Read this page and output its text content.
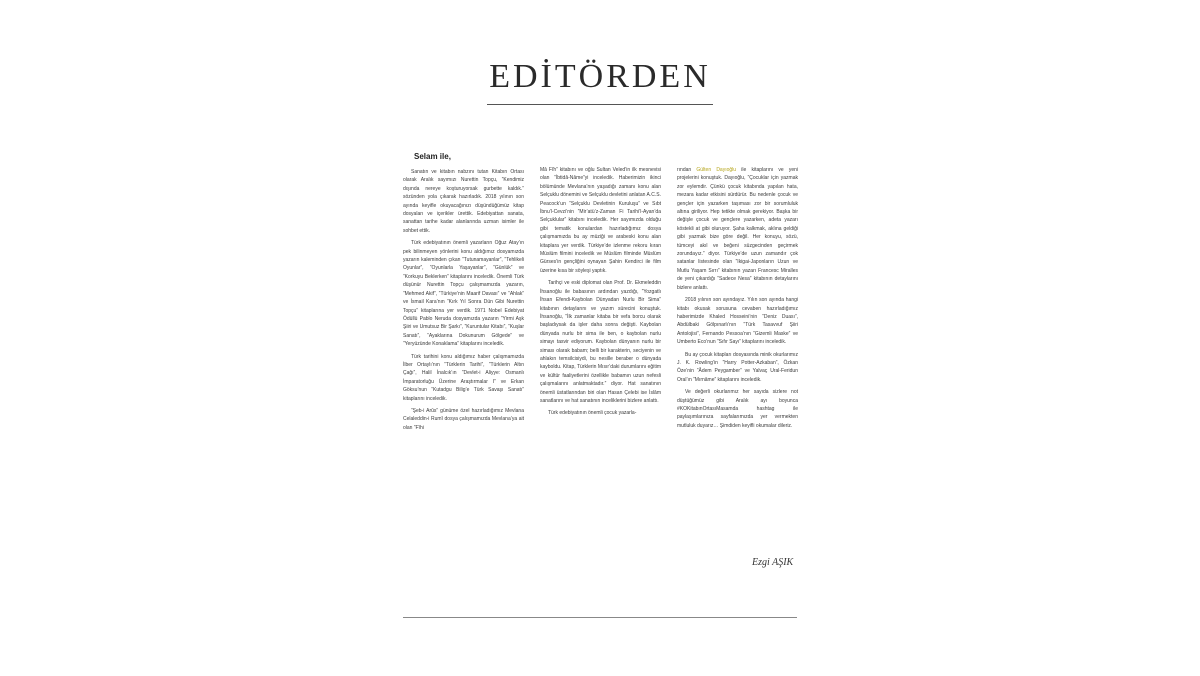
EDİTÖRDEN
Selam ile,

Sanatın ve kitabın nabzını tutan Kitabın Ortası olarak Aralık sayımızı Nurettin Topçu, “Kendimiz dışında nereye koşturuyorsak gurbette kaldık.” sözünden yola çıkarak hazırladık. 2018 yılının son ayında keyifle okuyacağınızı düşündüğümüz kitap dosyaları ve içerikler ürettik. Edebiyattan sanata, sanattan tarihe kadar alanlarında uzman isimler ile sohbet ettik.

Türk edebiyatının önemli yazarların Oğuz Atay’ın pek bilinmeyen yönlerini konu aldığımız dosyamızda yazarın kaleminden çıkan “Tutunamayanlar”, “Tehlikeli Oyunlar”, “Oyunlarla Yaşayanlar”, “Günlük” ve “Korkuyu Beklerken” kitaplarını inceledik. Önemli Türk düşünür Nurettin Topçu çalışmamızda yazarın, “Mehmed Akif”, “Türkiye’nin Maarif Davası” ve “Ahlak” ve İsmail Kara’nın “Kırk Yıl Sonra Dün Gibi Nurettin Topçu” kitaplarına yer verdik. 1971 Nobel Edebiyat Ödüllü Pablo Neruda dosyamızda yazarın “Yirmi Aşk Şiiri ve Umutsuz Bir Şarkı”, “Kuruntular Kitabı”, “Kuşlar Sanatı”, “Ayaklarına Dokunurum Gölgede” ve “Yeryüzünde Konaklama” kitaplarını inceledik.

Türk tarihini konu aldığımız haber çalışmamızda İlber Ortaylı’nın “Türklerin Tarihi”, “Türklerin Altın Çağı”, Halil İnalcık’ın “Devlet-i Aliyye: Osmanlı İmparatorluğu Üzerine Araştırmalar I” ve Erkan Göksu’nun “Kutadgu Bilig’e Türk Savaşı Sanatı” kitaplarını inceledik.

“Şeb-i Arûs” günüme özel hazırladığımız Mevlana Celaleddin-i Rumî dosya çalışmamızda Mevlana’ya ait olan “Fîhi

Mâ Fîh” kitabını ve oğlu Sultan Veled’in ilk mesnevisi olan “İbtidâ-Nâme”yi inceledik. Haberimizin ikinci bölümünde Mevlana’nın yaşadığı zamanı konu alan Selçuklu dönemini ve Selçuklu devletini anlatan A.C.S. Peacock’un “Selçuklu Devletinin Kuruluşu” ve Sıbt İbnu’l-Cevzi’nin “Mir’atü’z-Zaman Fi Tarihi’l-Ayan’da Selçuklular” kitabını inceledik. Her sayımızda olduğu gibi tematik konulardan hazırladığımız dosya çalışmamızda bu ay müziği ve arabeski konu alan kitaplara yer verdik. Türkiye’de izlenme rekoru kıran Müslüm filmini inceledik ve Müslüm filminde Müslüm Gürses’in gençliğini oynayan Şahin Kendirci ile film üzerine kısa bir söyleşi yaptık.

Tarihçi ve eski diplomat olan Prof. Dr. Ekmeleddin İhsanoğlu ile babasının ardından yazdığı, “Yozgatlı İhsan Efendi-Kaybolan Dünyadan Nurlu Bir Sima” kitabının detaylarını ve yazım sürecini konuştuk. İhsanoğlu, “İlk zamanlar kitaba bir vefa borcu olarak başladıysak da işler daha sonra değişti. Kaybolan dünyada nurlu bir sima ile ben, o kaybolan nurlu simayı tasvir ediyorum. Kaybolan dünyanın nurlu bir siması olarak babam; belli bir karakterin, seciyenin ve ahlakın temsilcisiydi, bu nesille beraber o dünyada kayboldu. Kitap, Türklerin Mısır’daki durumlarını eğitim ve kültür faaliyetlerini özellikle babamın uzun nefesli çalışmalarını anlatmaktadır.” diyor. Hat sanatının önemli üstatlarından biri olan Hasan Çelebi ise İslâm sanatlarını ve hat sanatının inceliklerini bizlere anlattı.

Türk edebiyatının önemli çocuk yazarla-

rından Gülten Dayıoğlu ile kitaplarını ve yeni projelerini konuştuk. Dayıoğlu, “Çocuklar için yazmak zor eylemdir. Çünkü çocuk kitabında yapılan hata, mezara kadar etkisini sürdürür. Bu nedenle çocuk ve gençler için yazarken taşıması zor bir sorumluluk altına giriliyor. Hep tetikte olmak gerekiyor. Başka bir değişle çocuk ve gençlere yazarken, adeta yazarı köstekli at gibi oluruyor. Şaha kalkmak, aklına geldiği gibi yazmak bize göre değil. Her konuyu, sözü, tümceyi akıl ve beğeni süzgecinden geçirmek zorundayız.” diyor. Türkiye’de uzun zamandır çok satanlar listesinde olan “Ikigai-Japonların Uzun ve Mutlu Yaşam Sırrı” kitabının yazarı Francesc Miralles de yeni çıkardığı “Sadece Nesa” kitabının detaylarını bizlere anlattı.

2018 yılının son ayındayız. Yılın son ayında hangi kitabı okusak sorusuna cevaben hazırladığımız haberimizde Khaled Hosseini’nin “Deniz Duası”, Abdülbaki Gölpınarlı’nın “Türk Tasavvuf Şiiri Antolojisi”, Fernando Pessoa’nın “Gizemli Maske” ve Umberto Eco’nun “Sıfır Sayı” kitaplarını inceledik.

Bu ay çocuk kitapları dosyasında minik okurlarımız J. K. Rowling’in “Harry Potter-Azkaban”, Özkan Öze’nin “Âdem Peygamber” ve Yalvaç Ural-Feridun Oral’ın “Mırnâme” kitaplarını inceledik.

Ve değerli okurlarımız her sayıda sizlere not düştüğümüz gibi Aralık ayı boyunca #KOKitabınOrtasıMasamda hashtag ile paylaşımlarınıza sayfalarımızda yer vermekten mutluluk duyarız… Şimdiden keyifli okumalar dileriz.

Ezgi AŞIK
